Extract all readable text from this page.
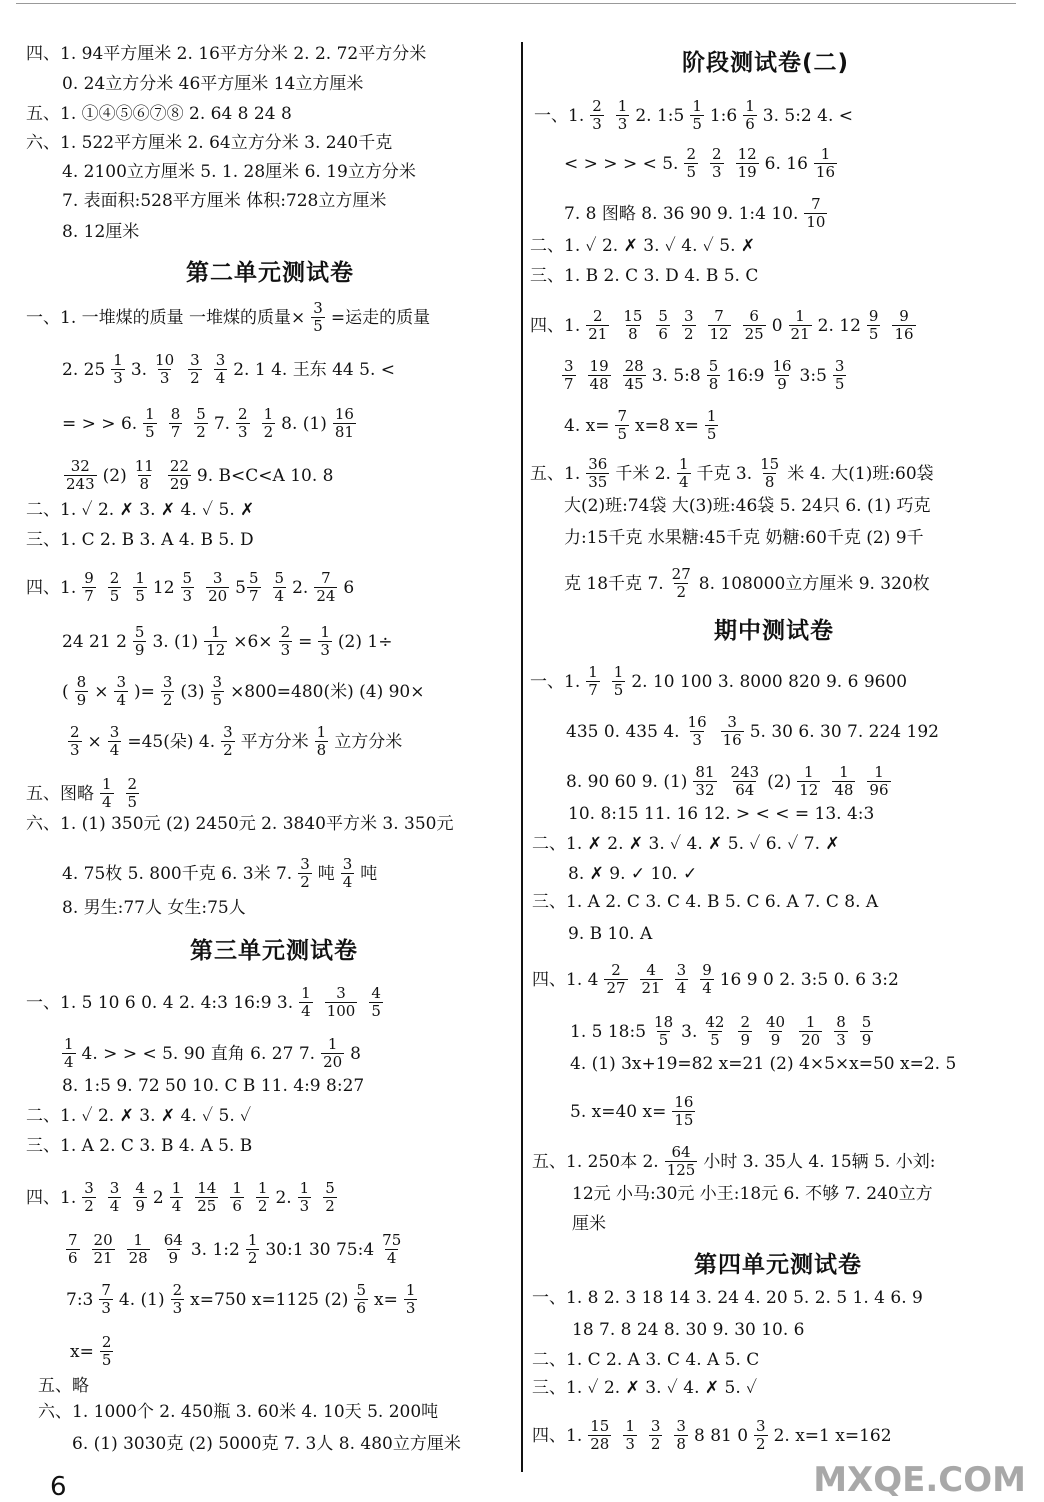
四、1. 94平方厘米 2. 16平方分米 2. 2. 72平方分米
0. 24立方分米 46平方厘米 14立方厘米
五、1. ①④⑤⑥⑦⑧ 2. 64 8 24 8
六、1. 522平方厘米 2. 64立方分米 3. 240千克
4. 2100立方厘米 5. 1. 28厘米 6. 19立方分米
7. 表面积:528平方厘米 体积:728立方厘米
8. 12厘米
第二单元测试卷
一、1. 一堆煤的质量 一堆煤的质量× $\frac{3}{5}$ =运走的质量
2. 25 1
3 3. 10
3
3
2
3
4 2. 1 4. 王东 44 5. <
= > > 6. 1
5
8
7
5
2 7. 2
3
1
2 8. (1) 16
81
32
243 (2) 11
8
22
29 9. B<C<A 10. 8
二、1. ✓ 2. ✗ 3. ✗ 4. ✓ 5. ✗
三、1. C 2. B 3. A 4. B 5. D
四、1. 9
7
2
5
1
5 12 5
3
3
20 5 5
7
5
4 2. 7
24 6
24 21 2 5
9 3. $(1) \frac{1}{12} \times 6\times \frac{2}{3} = \frac{1}{3} (2)$ 1÷
( $\frac{8}{9} \times \frac{3}{4}$ )= $\frac{3}{2} (3) \frac{3}{5} \times 800=480$(米) (4) 90×
$\frac{2}{3} \times \frac{3}{4} =45$(朵) 4. 3
2 平方分米 1
8 立方分米
五、图略 1
4
2
5
六、1. (1) 350元 (2) 2450元 2. 3840平方米 3. 350元
4. 75枚 5. 800千克 6. 3米 7. 3
2 吨 3
4 吨
8. 男生:77人 女生:75人
第三单元测试卷
一、1. 5 10 6 0. 4 2. 4:3 16:9 3. 1
4
3
100
4
5
1
4 4. > > < 5. 90 直角 6. 27 7. 1
20 8
8. 1:5 9. 72 50 10. C B 11. 4:9 8:27
二、1. ✓ 2. ✗ 3. ✗ 4. ✓ 5. ✓
三、1. A 2. C 3. B 4. A 5. B
四、1. 3
2
3
4
4
9 2 1
4
14
25
1
6
1
2 2. 1
3
5
2
7
6
20
21
1
28
64
9 3. 1:2 1
2 30:1 30 75:4 75
4
7:3 7
3 4. (1) 2
3 x=750 x=1125 (2) 5
6 $x= \frac{1}{3}$
$x= \frac{2}{5}$
五、略
六、1. 1000个 2. 450瓶 3. 60米 4. 10天 5. 200吨
6. (1) 3030克 (2) 5000克 7. 3人 8. 480立方厘米
阶段测试卷(二)
一、1. 2
3
1
3 2. 1:5 1
5 1:6 1
6 3. 5:2 4. <
< > > > < 5. 2
5
2
3
12
19 6. 16 1
16
7. 8 图略 8. 36 90 9. 1:4 10. 7
10
二、1. ✓ 2. ✗ 3. ✓ 4. ✓ 5. ✗
三、1. B 2. C 3. D 4. B 5. C
四、1. 2
21
15
8
5
6
3
2
7
12
6
25 0 1
21 2. 12 9
5
9
16
3
7
19
48
28
45 3. 5:8 5
8 16:9 16
9 3:5 3
5
4. $x= \frac{7}{5} x=8$ $x= \frac{1}{5}$
五、1. 36
35 千米 2. 1
4 千克 3. 15
8 米 4. 大(1)班:60袋
大(2)班:74袋 大(3)班:46袋 5. 24只 6. (1) 巧克
力:15千克 水果糖:45千克 奶糖:60千克 (2) 9千
克 18千克 7. 27
2 8. 108000立方厘米 9. 320枚
期中测试卷
一、1. 1
7
1
5 2. 10 100 3. 8000 820 9. 6 9600
435 0. 435 4. 16
3
3
16 5. 30 6. 30 7. 224 192
8. 90 60 9. (1) 81
32
243
64 (2) 1
12
1
48
1
96
10. 8:15 11. 16 12. > < < = 13. 4:3
二、1. ✗ 2. ✗ 3. ✓ 4. ✗ 5. ✓ 6. ✓ 7. ✗
8. ✗ 9. ✓ 10. ✓
三、1. A 2. C 3. C 4. B 5. C 6. A 7. C 8. A
9. B 10. A
四、1. 4 2
27
4
21
3
4
9
4 16 9 0 2. 3:5 0. 6 3:2
1. 5 18:5 18
5 3. 42
5
2
9
40
9
1
20
8
3
5
9
4. (1) 3x+19=82 x=21 (2) 4×5×x=50 x=2. 5
5. x=40 $x= \frac{16}{15}$
五、1. 250本 2. 64
125 小时 3. 35人 4. 15辆 5. 小刘:
12元 小马:30元 小王:18元 6. 不够 7. 240立方
厘米
第四单元测试卷
一、1. 8 2. 3 18 14 3. 24 4. 20 5. 2. 5 1. 4 6. 9
18 7. 8 24 8. 30 9. 30 10. 6
二、1. C 2. A 3. C 4. A 5. C
三、1. ✓ 2. ✗ 3. ✓ 4. ✗ 5. ✓
四、1. 15
28
1
3
3
2
3
8 8 81 0 3
2 2. x=1 x=162
6	MXQE.COM
